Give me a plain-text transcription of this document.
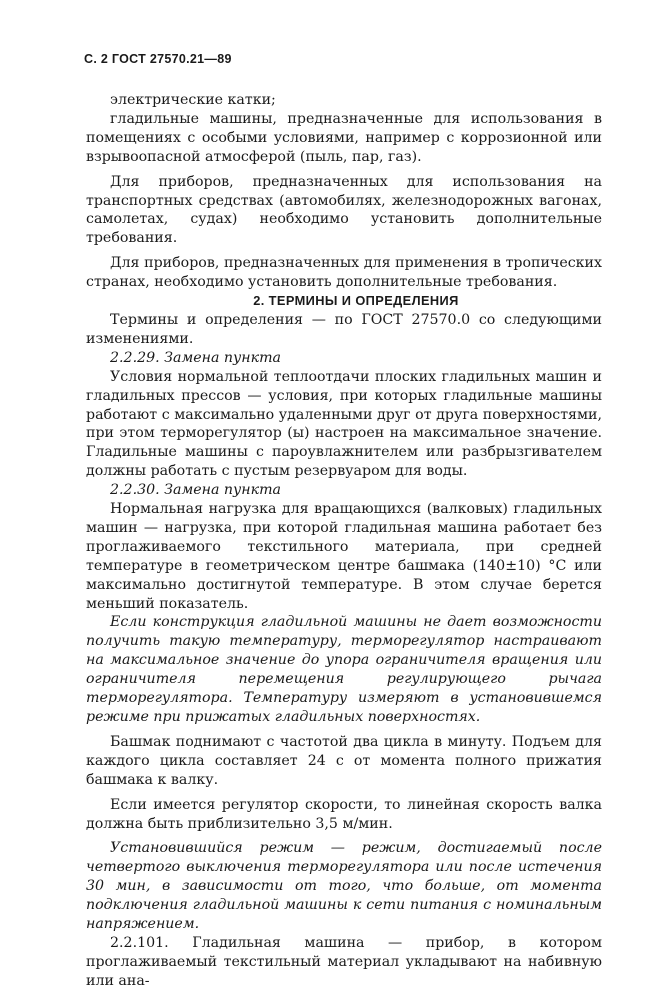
С. 2 ГОСТ 27570.21—89

электрические катки;

гладильные машины, предназначенные для использования в помещениях с особыми условиями, например с коррозионной или взрывоопасной атмосферой (пыль, пар, газ).

Для приборов, предназначенных для использования на транспортных средствах (автомобилях, железнодорожных вагонах, самолетах, судах) необходимо установить дополнительные требования.

Для приборов, предназначенных для применения в тропических странах, необходимо установить дополнительные требования.

2. ТЕРМИНЫ И ОПРЕДЕЛЕНИЯ

Термины и определения — по ГОСТ 27570.0 со следующими изменениями.

2.2.29. Замена пункта

Условия нормальной теплоотдачи плоских гладильных машин и гладильных прессов — условия, при которых гладильные машины работают с максимально удаленными друг от друга поверхностями, при этом терморегулятор (ы) настроен на максимальное значение. Гладильные машины с пароувлажнителем или разбрызгивателем должны работать с пустым резервуаром для воды.

2.2.30. Замена пункта

Нормальная нагрузка для вращающихся (валковых) гладильных машин — нагрузка, при которой гладильная машина работает без проглаживаемого текстильного материала, при средней температуре в геометрическом центре башмака (140±10) °С или максимально достигнутой температуре. В этом случае берется меньший показатель.

Если конструкция гладильной машины не дает возможности получить такую температуру, терморегулятор настраивают на максимальное значение до упора ограничителя вращения или ограничителя перемещения регулирующего рычага терморегулятора. Температуру измеряют в установившемся режиме при прижатых гладильных поверхностях.

Башмак поднимают с частотой два цикла в минуту. Подъем для каждого цикла составляет 24 с от момента полного прижатия башмака к валку.

Если имеется регулятор скорости, то линейная скорость валка должна быть приблизительно 3,5 м/мин.

Установившийся режим — режим, достигаемый после четвертого выключения терморегулятора или после истечения 30 мин, в зависимости от того, что больше, от момента подключения гладильной машины к сети питания с номинальным напряжением.

2.2.101. Гладильная машина — прибор, в котором проглаживаемый текстильный материал укладывают на набивную или ана-
